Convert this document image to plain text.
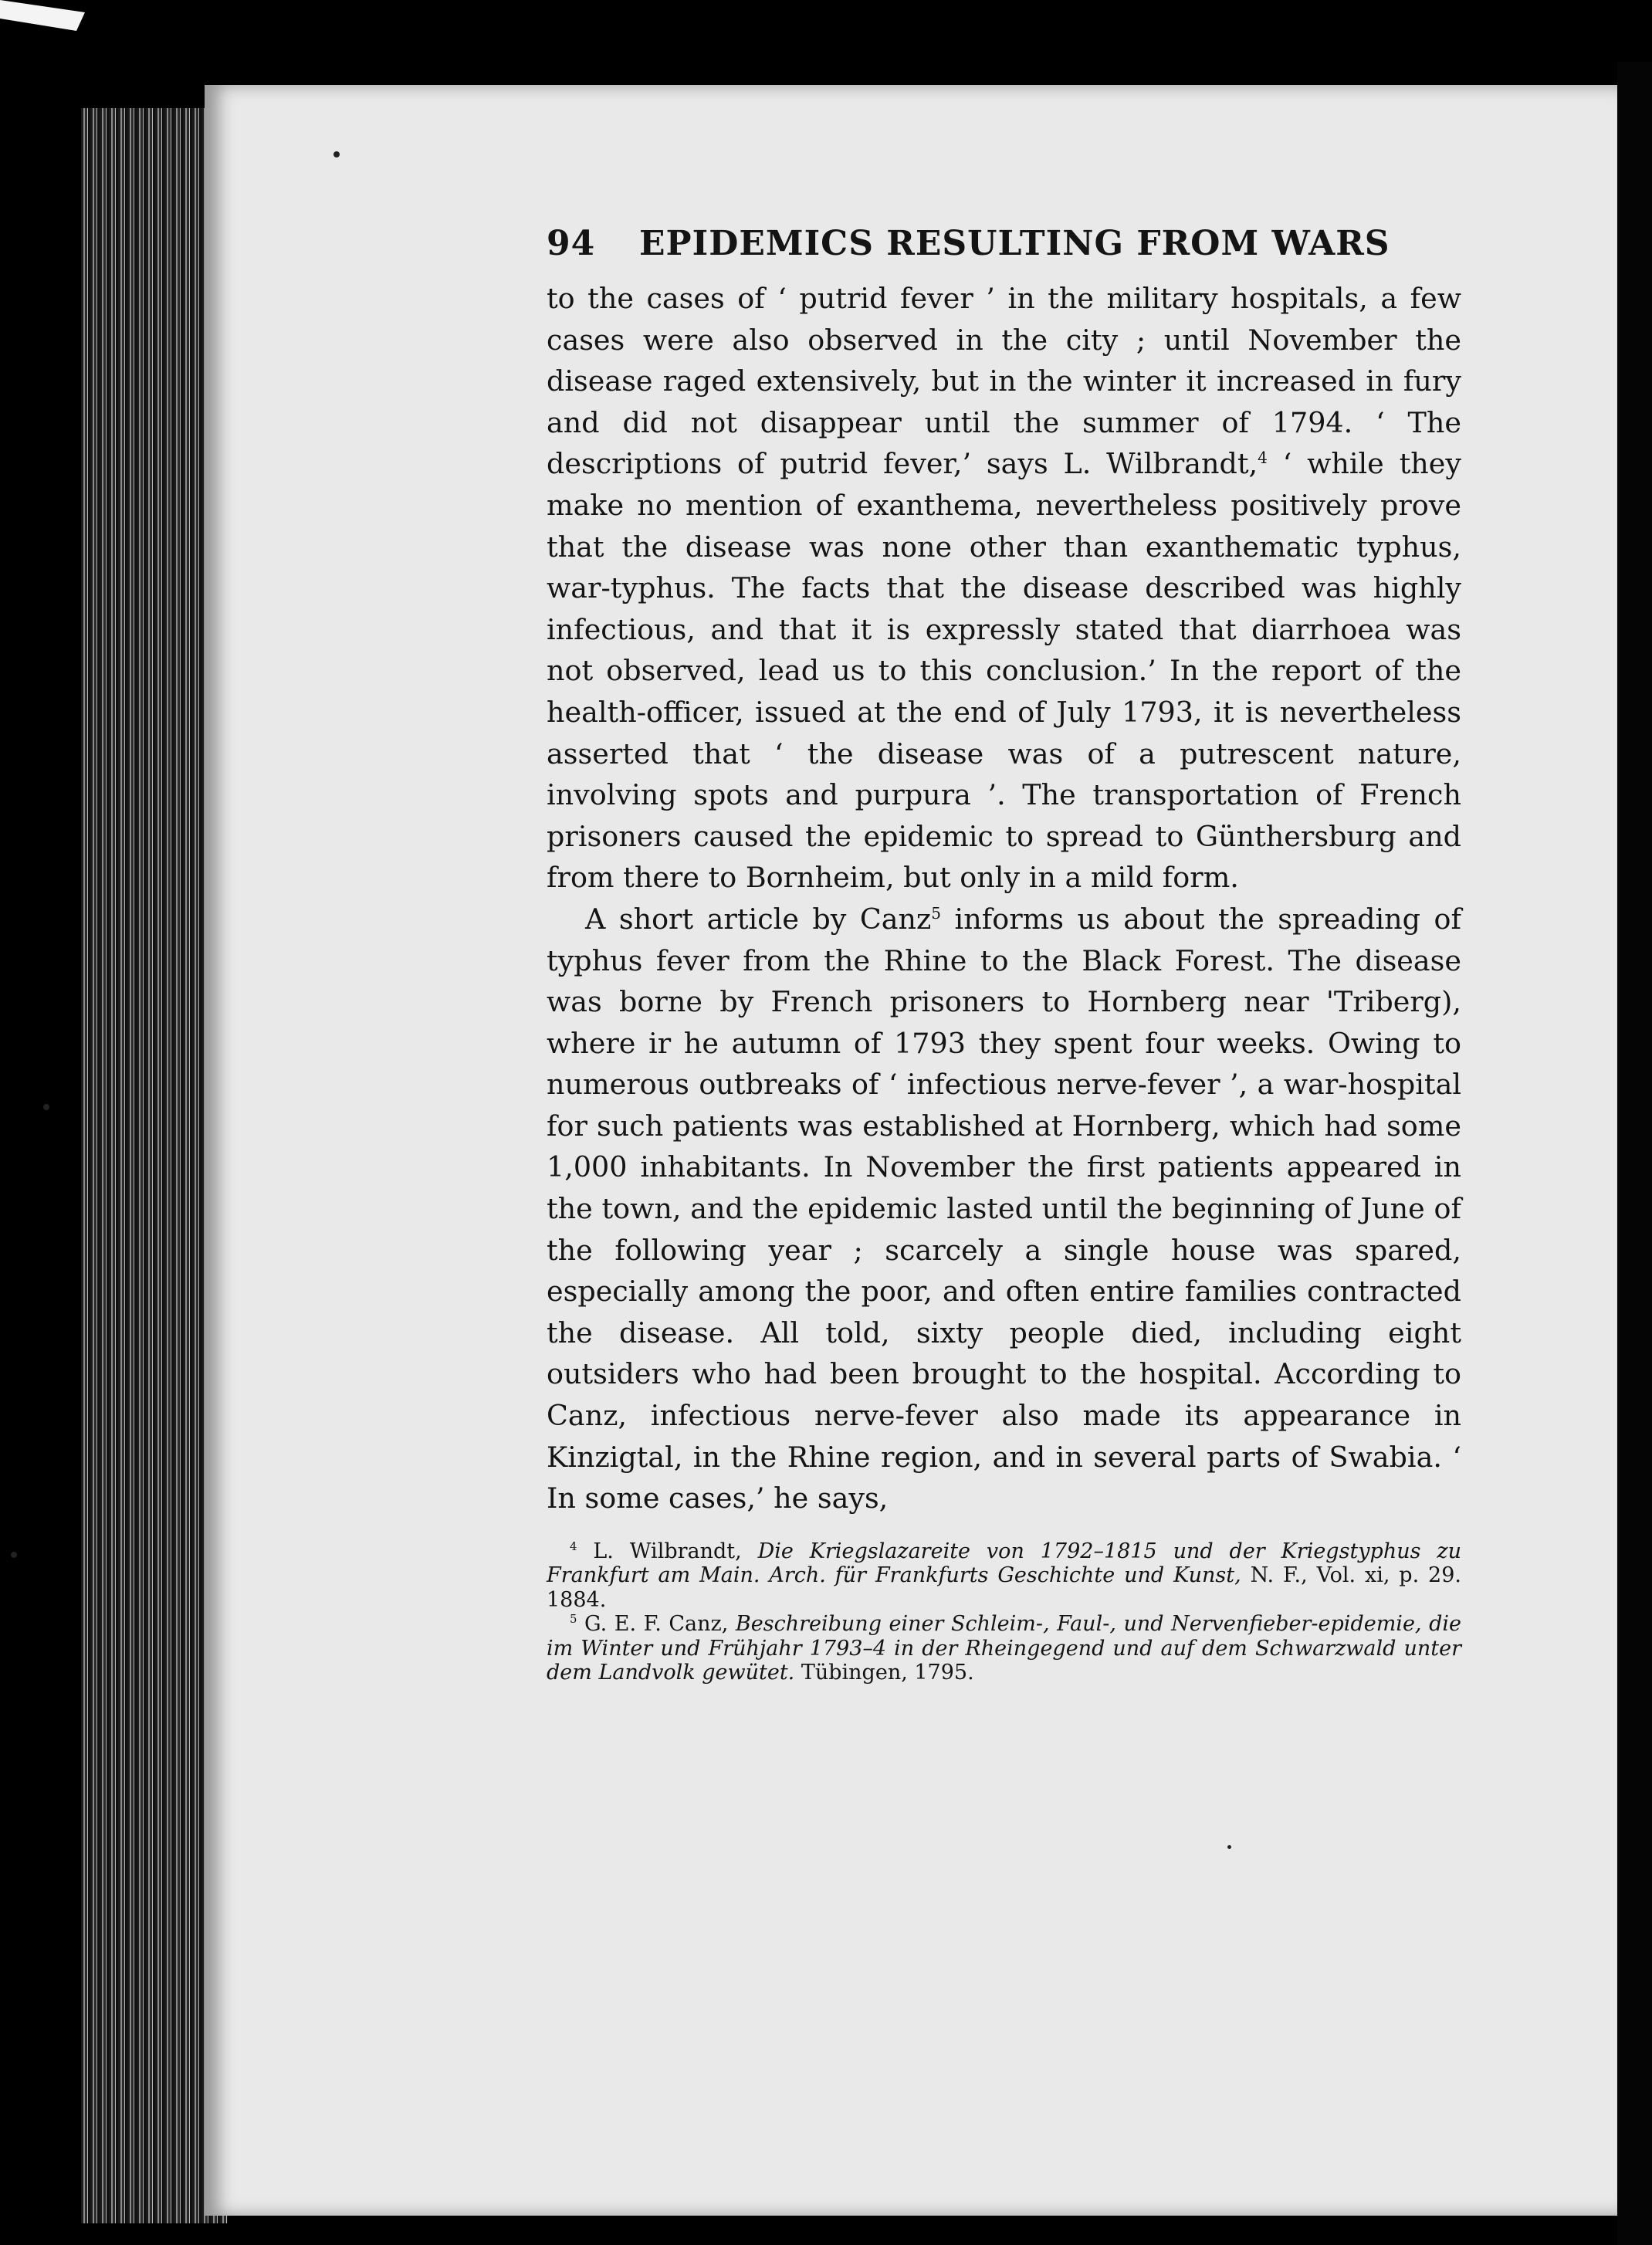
94	EPIDEMICS RESULTING FROM WARS

to the cases of ‘ putrid fever ’ in the military hospitals, a few cases were also observed in the city ; until November the disease raged extensively, but in the winter it increased in fury and did not disappear until the summer of 1794. ‘ The descriptions of putrid fever,’ says L. Wilbrandt,$^4$ ‘ while they make no mention of exanthema, nevertheless positively prove that the disease was none other than exanthematic typhus, war-typhus. The facts that the disease described was highly infectious, and that it is expressly stated that diarrhoea was not observed, lead us to this conclusion.’ In the report of the health-officer, issued at the end of July 1793, it is nevertheless asserted that ‘ the disease was of a putrescent nature, involving spots and purpura ’. The transportation of French prisoners caused the epidemic to spread to Günthersburg and from there to Bornheim, but only in a mild form.

A short article by Canz$^5$ informs us about the spreading of typhus fever from the Rhine to the Black Forest. The disease was borne by French prisoners to Hornberg near 'Triberg), where ir he autumn of 1793 they spent four weeks. Owing to numerous outbreaks of ‘ infectious nerve-fever ’, a war-hospital for such patients was established at Hornberg, which had some 1,000 inhabitants. In November the first patients appeared in the town, and the epidemic lasted until the beginning of June of the following year ; scarcely a single house was spared, especially among the poor, and often entire families contracted the disease. All told, sixty people died, including eight outsiders who had been brought to the hospital. According to Canz, infectious nerve-fever also made its appearance in Kinzigtal, in the Rhine region, and in several parts of Swabia. ‘ In some cases,’ he says,

$^4$ L. Wilbrandt, Die Kriegslazareite von 1792–1815 und der Kriegstyphus zu Frankfurt am Main. Arch. für Frankfurts Geschichte und Kunst, N. F., Vol. xi, p. 29. 1884.

$^5$ G. E. F. Canz, Beschreibung einer Schleim-, Faul-, und Nervenfieber-epidemie, die im Winter und Frühjahr 1793–4 in der Rheingegend und auf dem Schwarzwald unter dem Landvolk gewütet. Tübingen, 1795.
